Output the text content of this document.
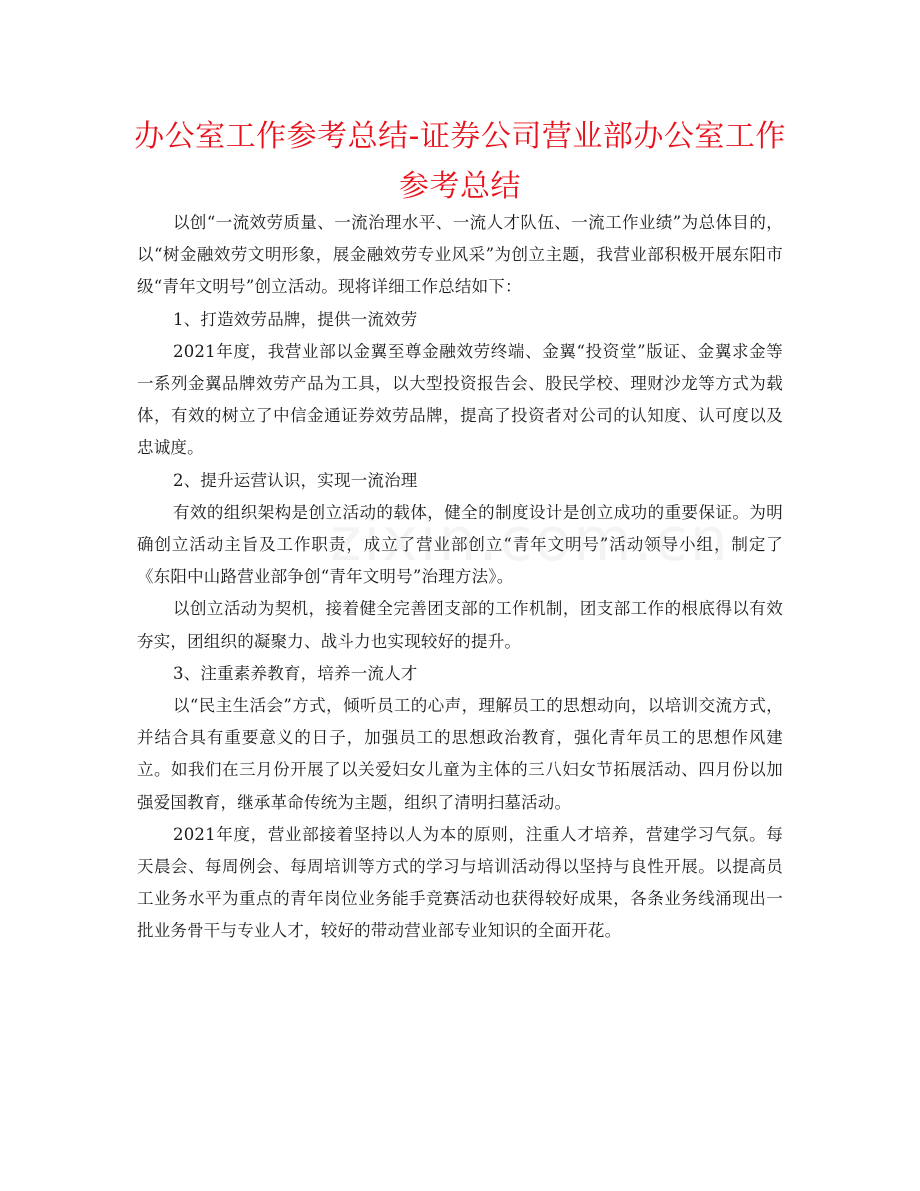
办公室工作参考总结-证券公司营业部办公室工作参考总结

以创“一流效劳质量、一流治理水平、一流人才队伍、一流工作业绩”为总体目的，以“树金融效劳文明形象，展金融效劳专业风采”为创立主题，我营业部积极开展东阳市级“青年文明号”创立活动。现将详细工作总结如下：

1、打造效劳品牌，提供一流效劳

2021年度，我营业部以金翼至尊金融效劳终端、金翼“投资堂”版证、金翼求金等一系列金翼品牌效劳产品为工具，以大型投资报告会、股民学校、理财沙龙等方式为载体，有效的树立了中信金通证券效劳品牌，提高了投资者对公司的认知度、认可度以及忠诚度。

2、提升运营认识，实现一流治理

有效的组织架构是创立活动的载体，健全的制度设计是创立成功的重要保证。为明确创立活动主旨及工作职责，成立了营业部创立“青年文明号”活动领导小组，制定了《东阳中山路营业部争创“青年文明号”治理方法》。

以创立活动为契机，接着健全完善团支部的工作机制，团支部工作的根底得以有效夯实，团组织的凝聚力、战斗力也实现较好的提升。

3、注重素养教育，培养一流人才

以“民主生活会”方式，倾听员工的心声，理解员工的思想动向，以培训交流方式，并结合具有重要意义的日子，加强员工的思想政治教育，强化青年员工的思想作风建立。如我们在三月份开展了以关爱妇女儿童为主体的三八妇女节拓展活动、四月份以加强爱国教育，继承革命传统为主题，组织了清明扫墓活动。

2021年度，营业部接着坚持以人为本的原则，注重人才培养，营建学习气氛。每天晨会、每周例会、每周培训等方式的学习与培训活动得以坚持与良性开展。以提高员工业务水平为重点的青年岗位业务能手竞赛活动也获得较好成果，各条业务线涌现出一批业务骨干与专业人才，较好的带动营业部专业知识的全面开花。
